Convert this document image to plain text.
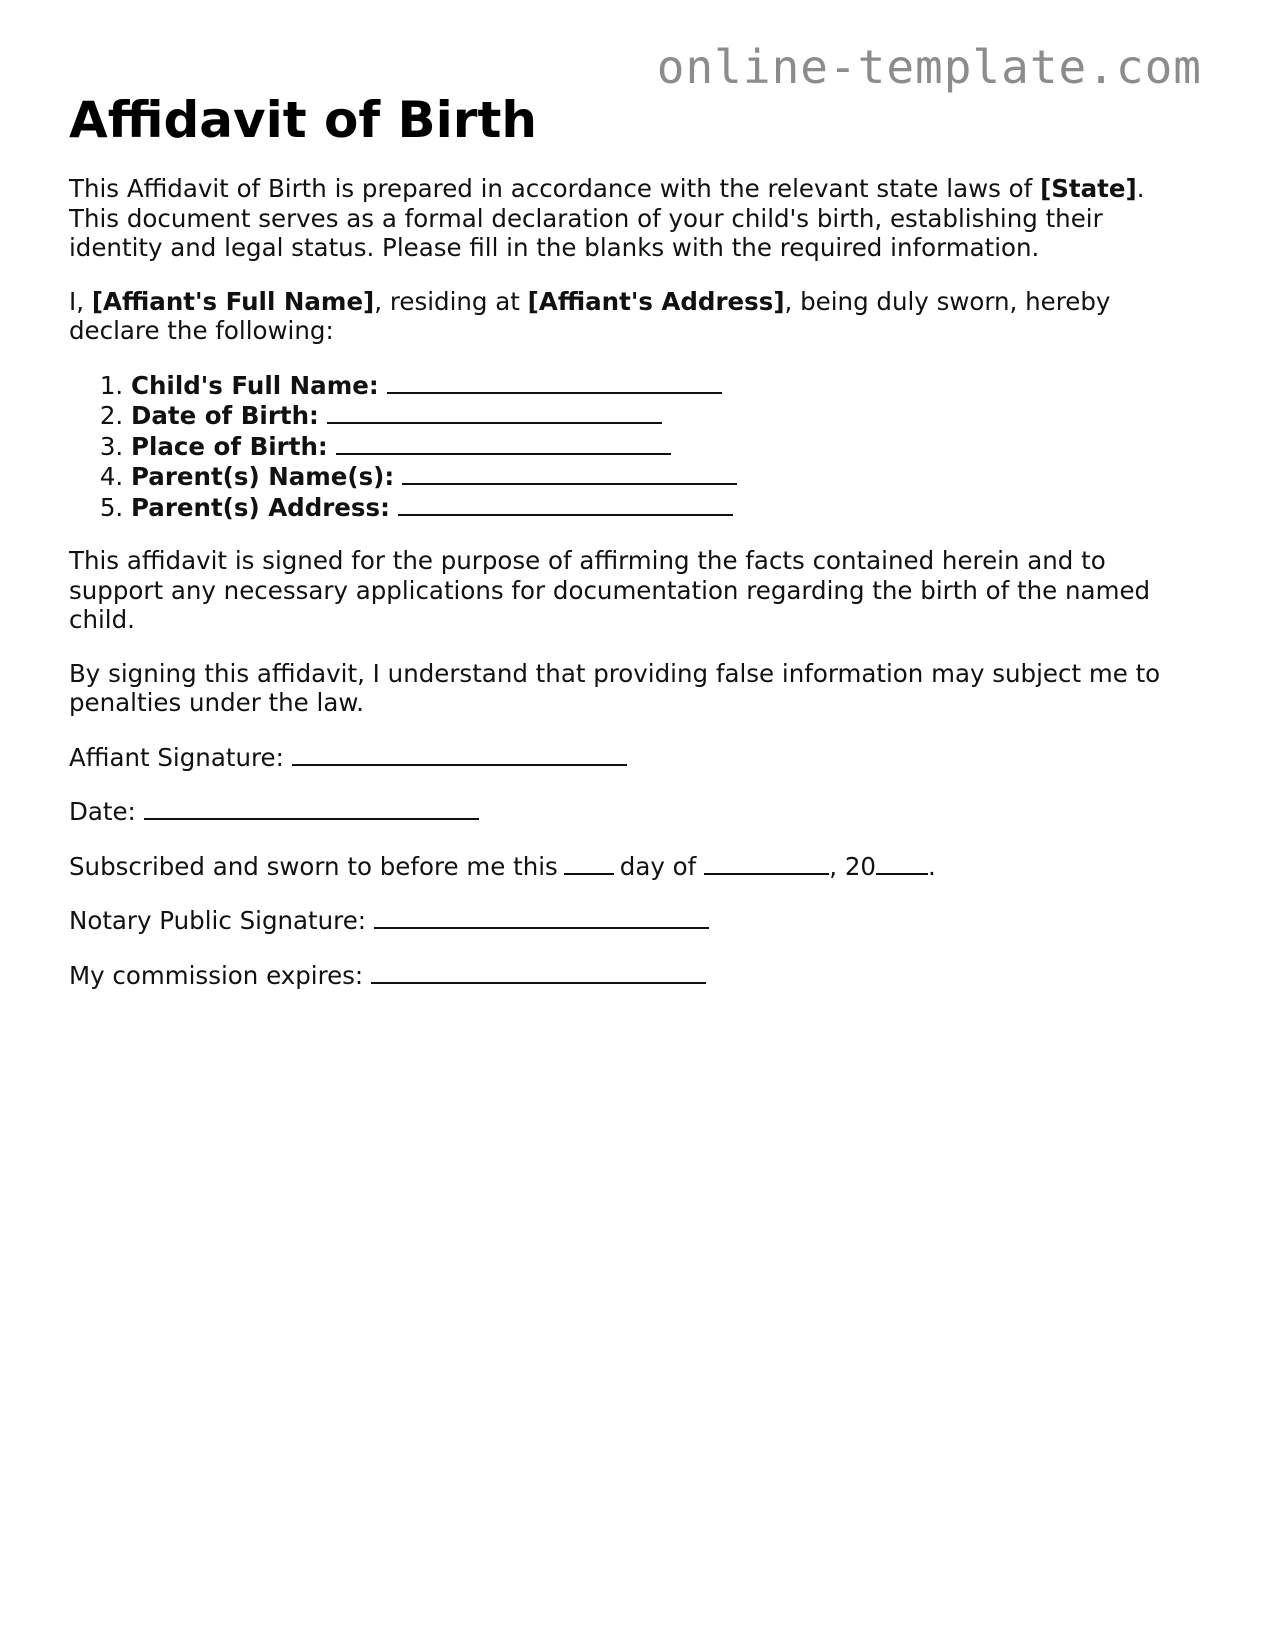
online-template.com
Affidavit of Birth

This Affidavit of Birth is prepared in accordance with the relevant state laws of [State]. This document serves as a formal declaration of your child's birth, establishing their identity and legal status. Please fill in the blanks with the required information.

I, [Affiant's Full Name], residing at [Affiant's Address], being duly sworn, hereby declare the following:

1. Child's Full Name:
2. Date of Birth:
3. Place of Birth:
4. Parent(s) Name(s):
5. Parent(s) Address:

This affidavit is signed for the purpose of affirming the facts contained herein and to support any necessary applications for documentation regarding the birth of the named child.

By signing this affidavit, I understand that providing false information may subject me to penalties under the law.

Affiant Signature:

Date:

Subscribed and sworn to before me this	day of	, 20 .

Notary Public Signature:

My commission expires:
